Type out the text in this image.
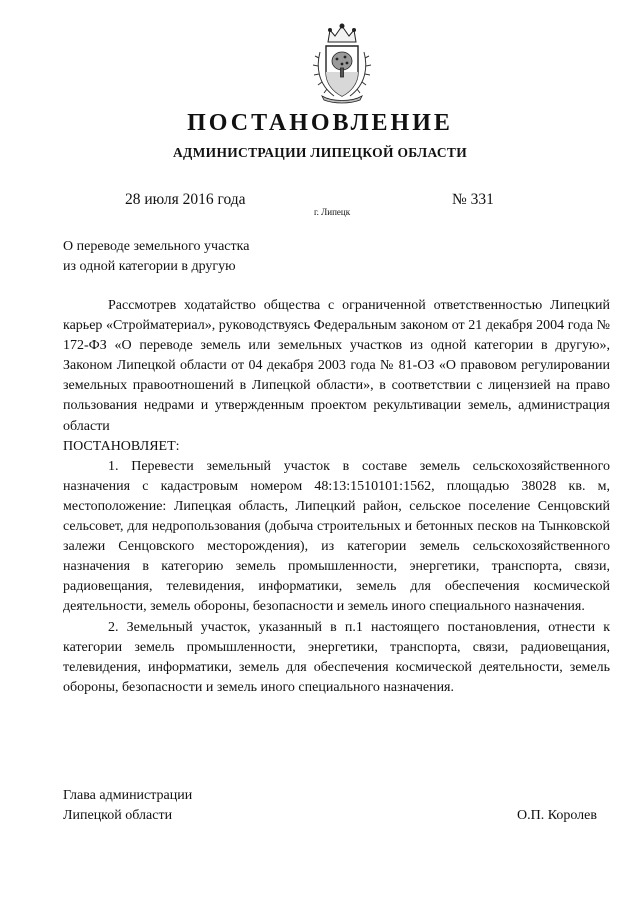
ПОСТАНОВЛЕНИЕ
АДМИНИСТРАЦИИ ЛИПЕЦКОЙ ОБЛАСТИ
28 июля 2016 года
г. Липецк
№ 331
О переводе земельного участка
из одной категории в другую

Рассмотрев ходатайство общества с ограниченной ответственностью Липецкий карьер «Стройматериал», руководствуясь Федеральным законом от 21 декабря 2004 года № 172-ФЗ «О переводе земель или земельных участков из одной категории в другую», Законом Липецкой области от 04 декабря 2003 года № 81-ОЗ «О правовом регулировании земельных правоотношений в Липецкой области», в соответствии с лицензией на право пользования недрами и утвержденным проектом рекультивации земель, администрация области

ПОСТАНОВЛЯЕТ:

1. Перевести земельный участок в составе земель сельскохозяйственного назначения с кадастровым номером 48:13:1510101:1562, площадью 38028 кв. м, местоположение: Липецкая область, Липецкий район, сельское поселение Сенцовский сельсовет, для недропользования (добыча строительных и бетонных песков на Тынковской залежи Сенцовского месторождения), из категории земель сельскохозяйственного назначения в категорию земель промышленности, энергетики, транспорта, связи, радиовещания, телевидения, информатики, земель для обеспечения космической деятельности, земель обороны, безопасности и земель иного специального назначения.

2. Земельный участок, указанный в п.1 настоящего постановления, отнести к категории земель промышленности, энергетики, транспорта, связи, радиовещания, телевидения, информатики, земель для обеспечения космической деятельности, земель обороны, безопасности и земель иного специального назначения.

Глава администрации
Липецкой области	О.П. Королев
